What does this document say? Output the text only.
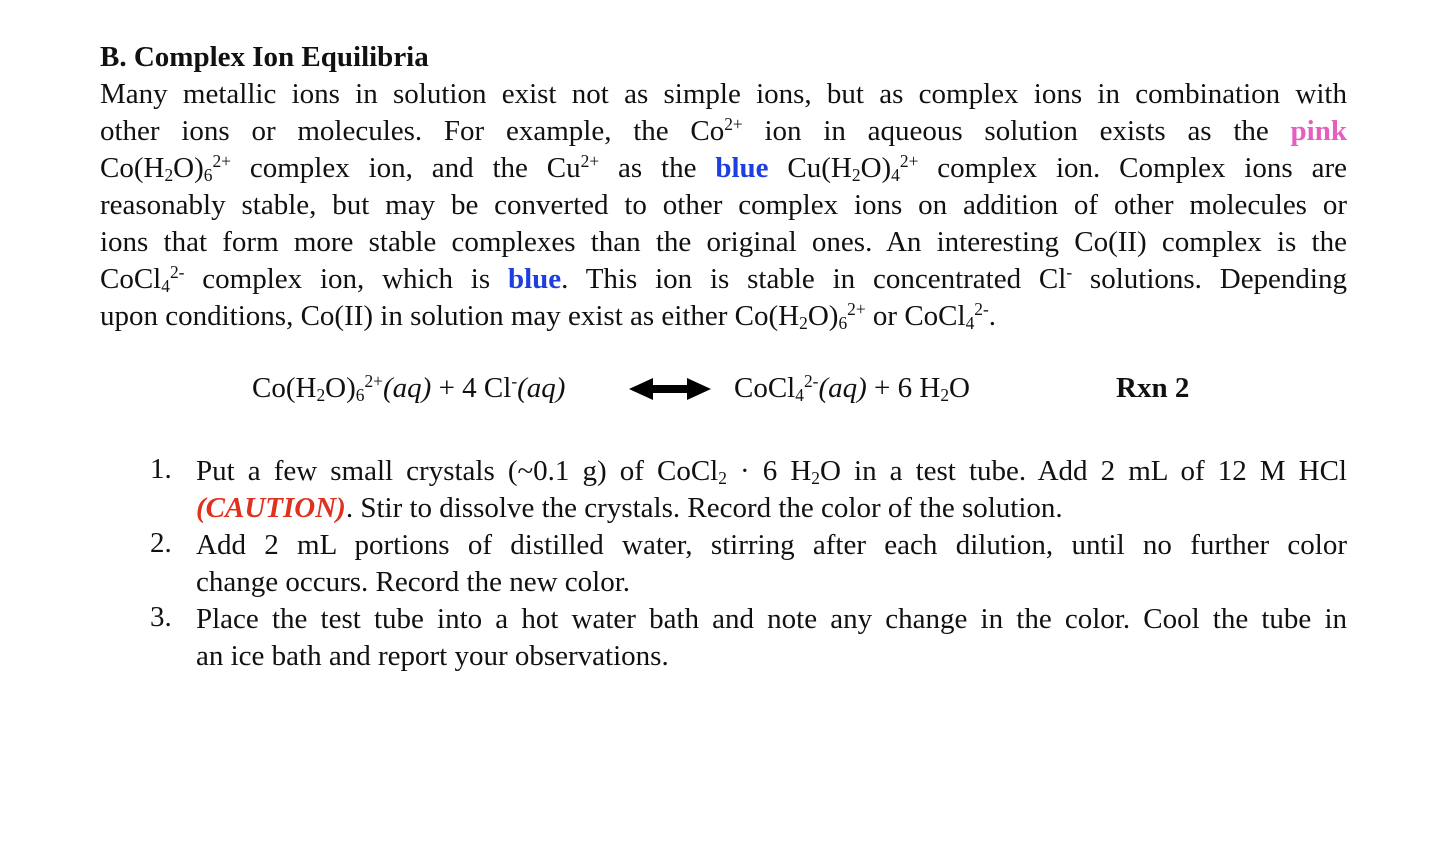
B. Complex Ion Equilibria
Many metallic ions in solution exist not as simple ions, but as complex ions in combination with
other ions or molecules. For example, the $Co^{2+}$ ion in aqueous solution exists as the pink
$Co(H_2O)_6^{2+}$ complex ion, and the $Cu^{2+}$ as the blue $Cu(H_2O)_4^{2+}$ complex ion. Complex ions are
reasonably stable, but may be converted to other complex ions on addition of other molecules or
ions that form more stable complexes than the original ones. An interesting Co(II) complex is the
CoCl$_4^{2-}$ complex ion, which is blue. This ion is stable in concentrated Cl- solutions. Depending
upon conditions, Co(II) in solution may exist as either $Co(H_2O)_6^{2+}$ or CoCl$_4^{2-}$.
$Co(H_2O)_6^{2+}(aq) + 4$ Cl-(aq)	CoCl$_4^{2-}$(aq) + 6 $H_2O$	Rxn 2
1. Put a few small crystals (~0.1 g) of CoCl$_2$ · 6 $H_2O$ in a test tube. Add 2 mL of 12 M HCl
(CAUTION). Stir to dissolve the crystals. Record the color of the solution.
2. Add 2 mL portions of distilled water, stirring after each dilution, until no further color
change occurs. Record the new color.
3. Place the test tube into a hot water bath and note any change in the color. Cool the tube in
an ice bath and report your observations.
